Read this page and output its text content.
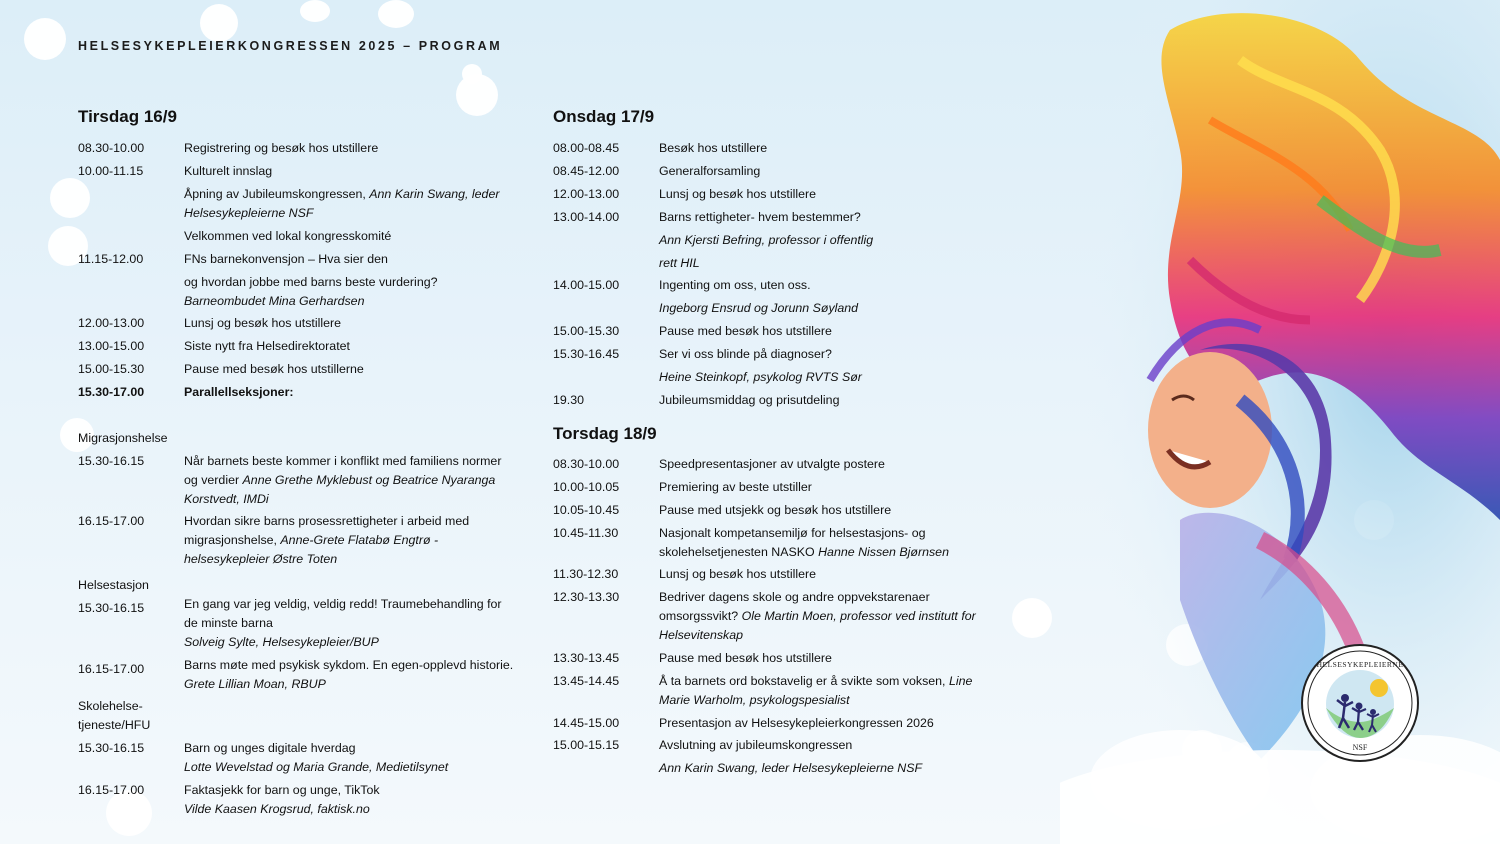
HELSESYKEPLEIERKONGRESSEN 2025 – PROGRAM
Tirsdag 16/9
08.30-10.00	Registrering og besøk hos utstillere
10.00-11.15	Kulturelt innslag
Åpning av Jubileumskongressen, Ann Karin Swang, leder
Helsesykepleierne NSF
Velkommen ved lokal kongresskomité
11.15-12.00	FNs barnekonvensjon – Hva sier den
og hvordan jobbe med barns beste vurdering?
Barneombudet Mina Gerhardsen
12.00-13.00	Lunsj og besøk hos utstillere
13.00-15.00	Siste nytt fra Helsedirektoratet
15.00-15.30	Pause med besøk hos utstillerne
15.30-17.00	Parallellseksjoner:
Migrasjonshelse
15.30-16.15	Når barnets beste kommer i konflikt med familiens normer
og verdier Anne Grethe Myklebust og Beatrice Nyaranga
Korstvedt, IMDi
16.15-17.00	Hvordan sikre barns prosessrettigheter i arbeid med
migrasjonshelse, Anne-Grete Flatabø Engtrø -
helsesykepleier Østre Toten
Helsestasjon
15.30-16.15	En gang var jeg veldig, veldig redd! Traumebehandling for
de minste barna
Solveig Sylte, Helsesykepleier/BUP
16.15-17.00	Barns møte med psykisk sykdom. En egen-opplevd historie.
Grete Lillian Moan, RBUP
Skolehelse-
tjeneste/HFU
15.30-16.15	Barn og unges digitale hverdag
Lotte Wevelstad og Maria Grande, Medietilsynet
16.15-17.00	Faktasjekk for barn og unge, TikTok
Vilde Kaasen Krogsrud, faktisk.no
Onsdag 17/9
08.00-08.45	Besøk hos utstillere
08.45-12.00	Generalforsamling
12.00-13.00	Lunsj og besøk hos utstillere
13.00-14.00	Barns rettigheter- hvem bestemmer?
Ann Kjersti Befring, professor i offentlig
rett HIL
14.00-15.00	Ingenting om oss, uten oss.
Ingeborg Ensrud og Jorunn Søyland
15.00-15.30	Pause med besøk hos utstillere
15.30-16.45	Ser vi oss blinde på diagnoser?
Heine Steinkopf, psykolog RVTS Sør
19.30	Jubileumsmiddag og prisutdeling
Torsdag 18/9
08.30-10.00	Speedpresentasjoner av utvalgte postere
10.00-10.05	Premiering av beste utstiller
10.05-10.45	Pause med utsjekk og besøk hos utstillere
10.45-11.30	Nasjonalt kompetansemiljø for helsestasjons- og
skolehelsetjenesten NASKO Hanne Nissen Bjørnsen
11.30-12.30	Lunsj og besøk hos utstillere
12.30-13.30	Bedriver dagens skole og andre oppvekstarenaer
omsorgssvikt? Ole Martin Moen, professor ved institutt for
Helsevitenskap
13.30-13.45	Pause med besøk hos utstillere
13.45-14.45	Å ta barnets ord bokstavelig er å svikte som voksen, Line
Marie Warholm, psykologspesialist
14.45-15.00	Presentasjon av Helsesykepleierkongressen 2026
15.00-15.15	Avslutning av jubileumskongressen
Ann Karin Swang, leder Helsesykepleierne NSF
HELSESYKEPLEIERNE
NSF
